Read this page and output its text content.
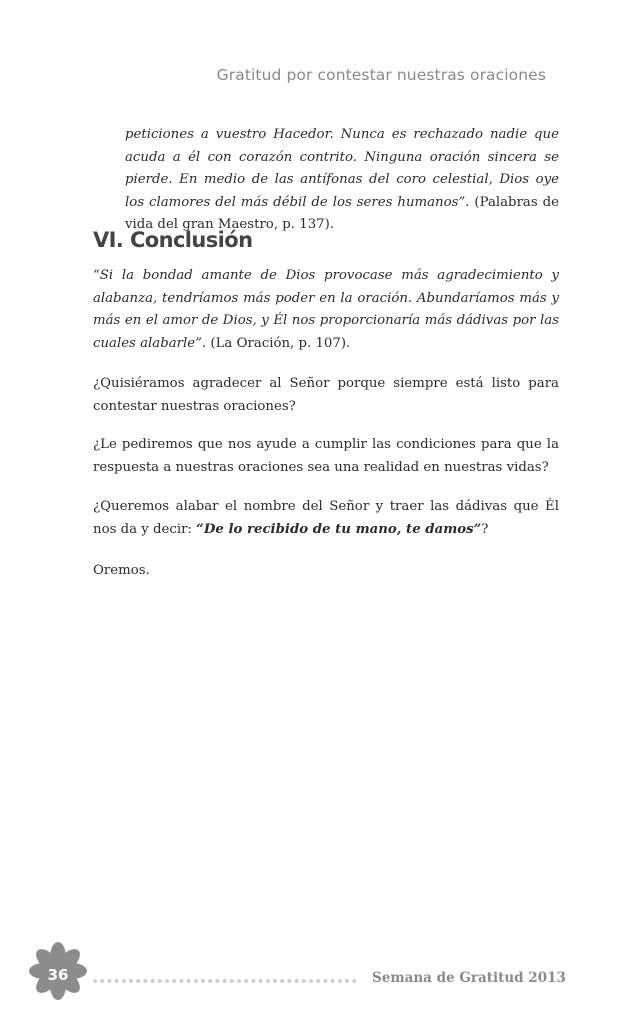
Gratitud por contestar nuestras oraciones

peticiones a vuestro Hacedor. Nunca es rechazado nadie que acuda a él con corazón contrito. Ninguna oración sincera se pierde. En medio de las antífonas del coro celestial, Dios oye los clamores del más débil de los seres humanos”. (Palabras de vida del gran Maestro, p. 137).

VI. Conclusión

“Si la bondad amante de Dios provocase más agradecimiento y alabanza, tendríamos más poder en la oración. Abundaríamos más y más en el amor de Dios, y Él nos proporcionaría más dádivas por las cuales alabarle”. (La Oración, p. 107).

¿Quisiéramos agradecer al Señor porque siempre está listo para contestar nuestras oraciones?

¿Le pediremos que nos ayude a cumplir las condiciones para que la respuesta a nuestras oraciones sea una realidad en nuestras vidas?

¿Queremos alabar el nombre del Señor y traer las dádivas que Él nos da y decir: “De lo recibido de tu mano, te damos”?

Oremos.

36	Semana de Gratitud 2013
